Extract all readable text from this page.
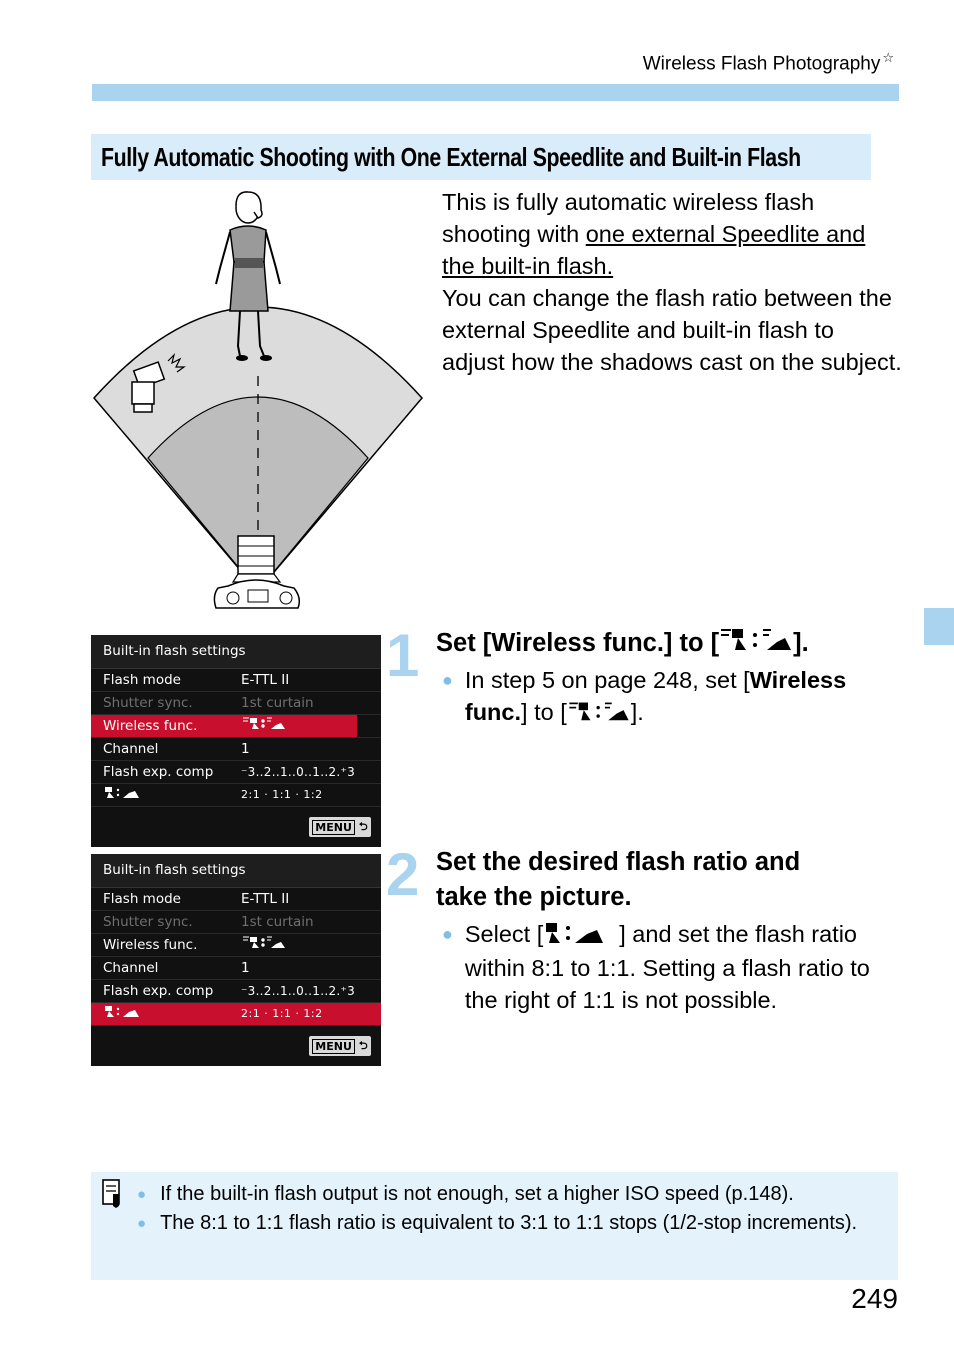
Wireless Flash Photography ☆
Fully Automatic Shooting with One External Speedlite and Built-in Flash
This is fully automatic wireless flash
shooting with one external Speedlite and
the built-in flash.
You can change the flash ratio between the external Speedlite and built-in flash to adjust how the shadows cast on the subject.
Built-in flash settings
Flash mode	E-TTL II
Shutter sync.	1st curtain
Wireless func.
Channel	1
Flash exp. comp	⁻3..2..1..0..1..2.⁺3
2:1 · 1:1 · 1:2
MENU ⮌
Built-in flash settings
Flash mode	E-TTL II
Shutter sync.	1st curtain
Wireless func.
Channel	1
Flash exp. comp	⁻3..2..1..0..1..2.⁺3
2:1 · 1:1 · 1:2
MENU ⮌
1 Set [Wireless func.] to [	].
● In step 5 on page 248, set [Wireless func.] to [	].
2 Set the desired flash ratio and
take the picture.
● Select [	] and set the flash ratio within 8:1 to 1:1. Setting a flash ratio to the right of 1:1 is not possible.
● If the built-in flash output is not enough, set a higher ISO speed (p.148).
● The 8:1 to 1:1 flash ratio is equivalent to 3:1 to 1:1 stops (1/2-stop increments).
249
